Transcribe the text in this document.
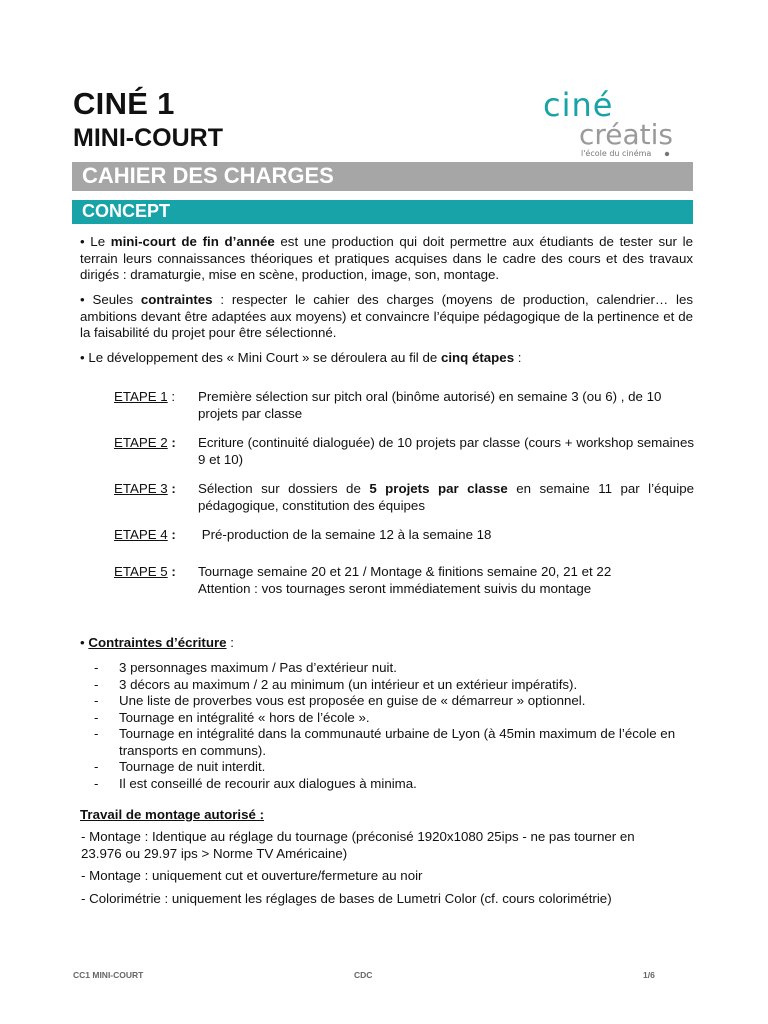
CINÉ 1
MINI-COURT
ciné
créatis
l'école du cinéma
CAHIER DES CHARGES
CONCEPT
• Le mini-court de fin d’année est une production qui doit permettre aux étudiants de tester sur le terrain leurs connaissances théoriques et pratiques acquises dans le cadre des cours et des travaux dirigés : dramaturgie, mise en scène, production, image, son, montage.
• Seules contraintes : respecter le cahier des charges (moyens de production, calendrier… les ambitions devant être adaptées aux moyens) et convaincre l’équipe pédagogique de la pertinence et de la faisabilité du projet pour être sélectionné.
• Le développement des « Mini Court » se déroulera au fil de cinq étapes :
ETAPE 1 : Première sélection sur pitch oral (binôme autorisé) en semaine 3 (ou 6) , de 10 projets par classe
ETAPE 2 : Ecriture (continuité dialoguée) de 10 projets par classe (cours + workshop semaines 9 et 10)
ETAPE 3 : Sélection sur dossiers de 5 projets par classe en semaine 11 par l’équipe pédagogique, constitution des équipes
ETAPE 4 : Pré-production de la semaine 12 à la semaine 18
ETAPE 5 : Tournage semaine 20 et 21 / Montage & finitions semaine 20, 21 et 22
Attention : vos tournages seront immédiatement suivis du montage
• Contraintes d’écriture :
- 3 personnages maximum / Pas d’extérieur nuit.
- 3 décors au maximum / 2 au minimum (un intérieur et un extérieur impératifs).
- Une liste de proverbes vous est proposée en guise de « démarreur » optionnel.
- Tournage en intégralité « hors de l’école ».
- Tournage en intégralité dans la communauté urbaine de Lyon (à 45min maximum de l’école en transports en communs).
- Tournage de nuit interdit.
- Il est conseillé de recourir aux dialogues à minima.
Travail de montage autorisé :
- Montage : Identique au réglage du tournage (préconisé 1920x1080 25ips - ne pas tourner en 23.976 ou 29.97 ips > Norme TV Américaine)
- Montage : uniquement cut et ouverture/fermeture au noir
- Colorimétrie : uniquement les réglages de bases de Lumetri Color (cf. cours colorimétrie)
CC1 MINI-COURT	CDC	1/6
